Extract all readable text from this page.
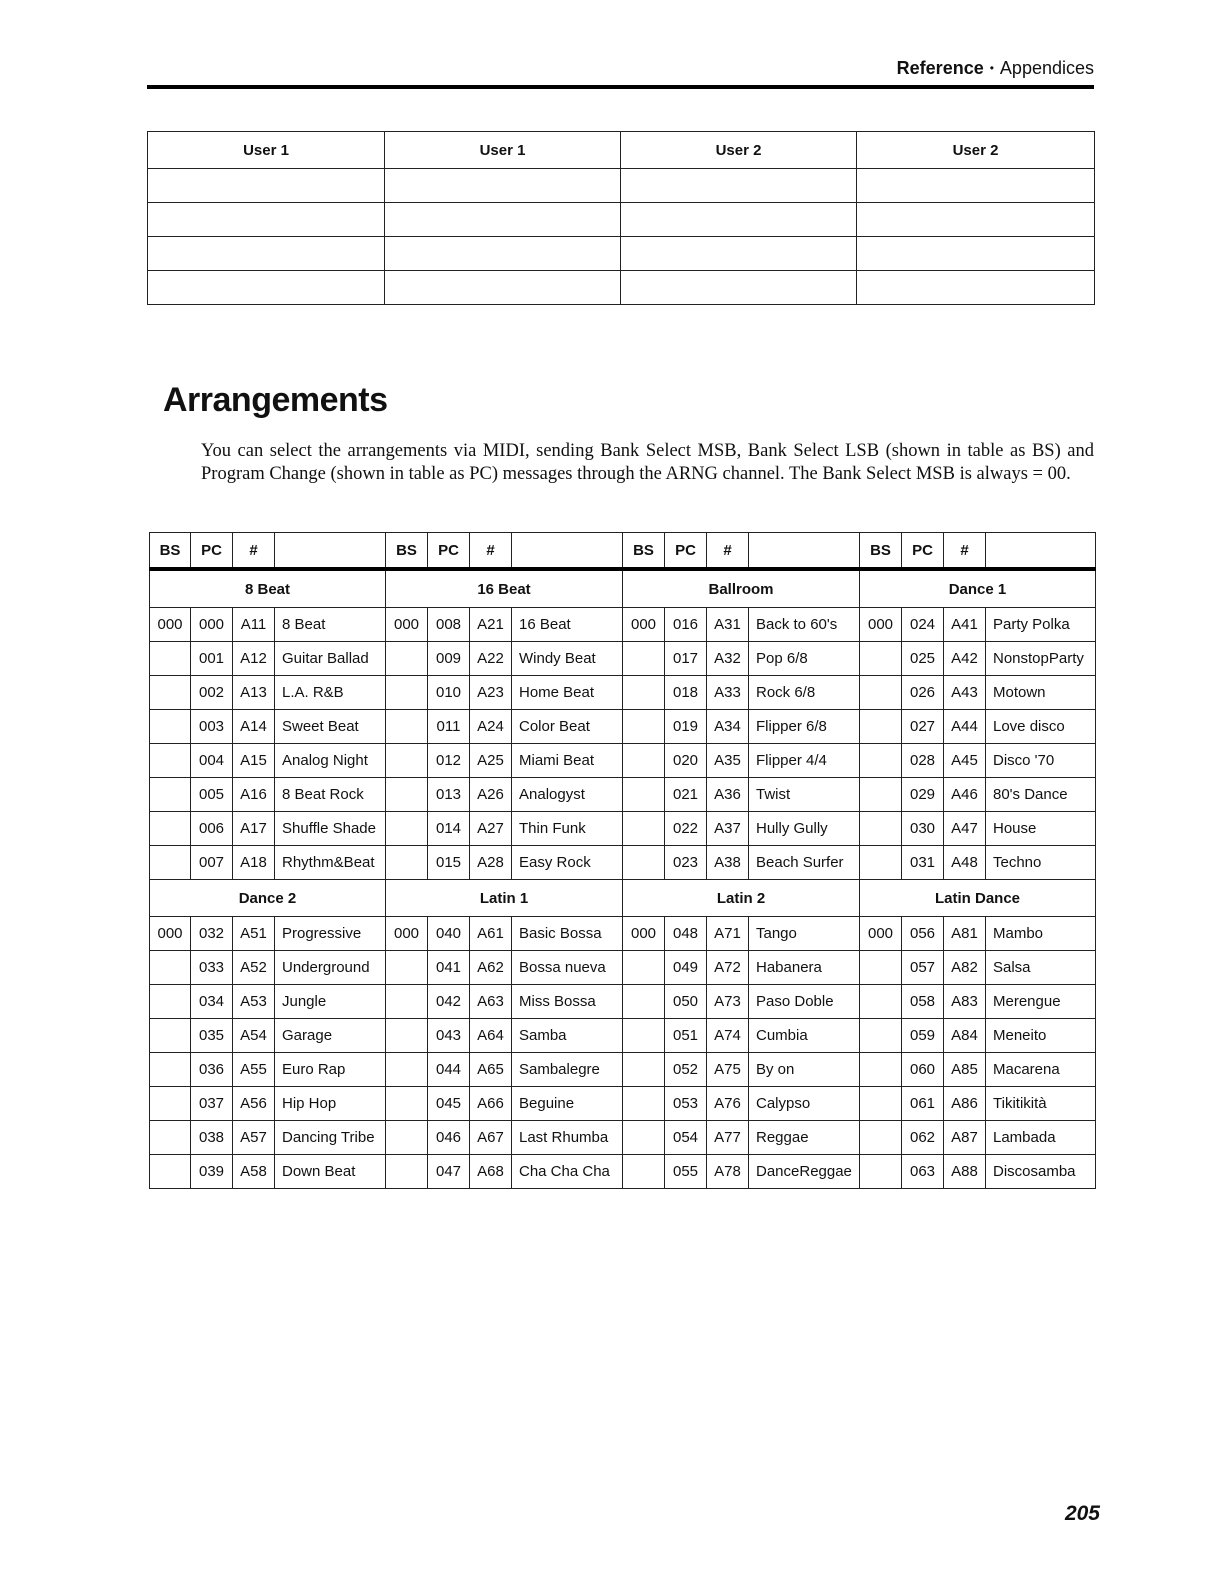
Reference • Appendices
User 1	User 1	User 2	User 2

Arrangements

You can select the arrangements via MIDI, sending Bank Select MSB, Bank Select LSB (shown in table as BS) and Program Change (shown in table as PC) messages through the ARNG channel. The Bank Select MSB is always = 00.

BS	PC	#		BS	PC	#		BS	PC	#		BS	PC	#	
8 Beat				16 Beat				Ballroom				Dance 1			
000	000	A11	8 Beat	000	008	A21	16 Beat	000	016	A31	Back to 60's	000	024	A41	Party Polka
	001	A12	Guitar Ballad		009	A22	Windy Beat		017	A32	Pop 6/8		025	A42	NonstopParty
	002	A13	L.A. R&B		010	A23	Home Beat		018	A33	Rock 6/8		026	A43	Motown
	003	A14	Sweet Beat		011	A24	Color Beat		019	A34	Flipper 6/8		027	A44	Love disco
	004	A15	Analog Night		012	A25	Miami Beat		020	A35	Flipper 4/4		028	A45	Disco '70
	005	A16	8 Beat Rock		013	A26	Analogyst		021	A36	Twist		029	A46	80's Dance
	006	A17	Shuffle Shade		014	A27	Thin Funk		022	A37	Hully Gully		030	A47	House
	007	A18	Rhythm&Beat		015	A28	Easy Rock		023	A38	Beach Surfer		031	A48	Techno
Dance 2				Latin 1				Latin 2				Latin Dance			
000	032	A51	Progressive	000	040	A61	Basic Bossa	000	048	A71	Tango	000	056	A81	Mambo
	033	A52	Underground		041	A62	Bossa nueva		049	A72	Habanera		057	A82	Salsa
	034	A53	Jungle		042	A63	Miss Bossa		050	A73	Paso Doble		058	A83	Merengue
	035	A54	Garage		043	A64	Samba		051	A74	Cumbia		059	A84	Meneito
	036	A55	Euro Rap		044	A65	Sambalegre		052	A75	By on		060	A85	Macarena
	037	A56	Hip Hop		045	A66	Beguine		053	A76	Calypso		061	A86	Tikitikità
	038	A57	Dancing Tribe		046	A67	Last Rhumba		054	A77	Reggae		062	A87	Lambada
	039	A58	Down Beat		047	A68	Cha Cha Cha		055	A78	DanceReggae		063	A88	Discosamba
205
